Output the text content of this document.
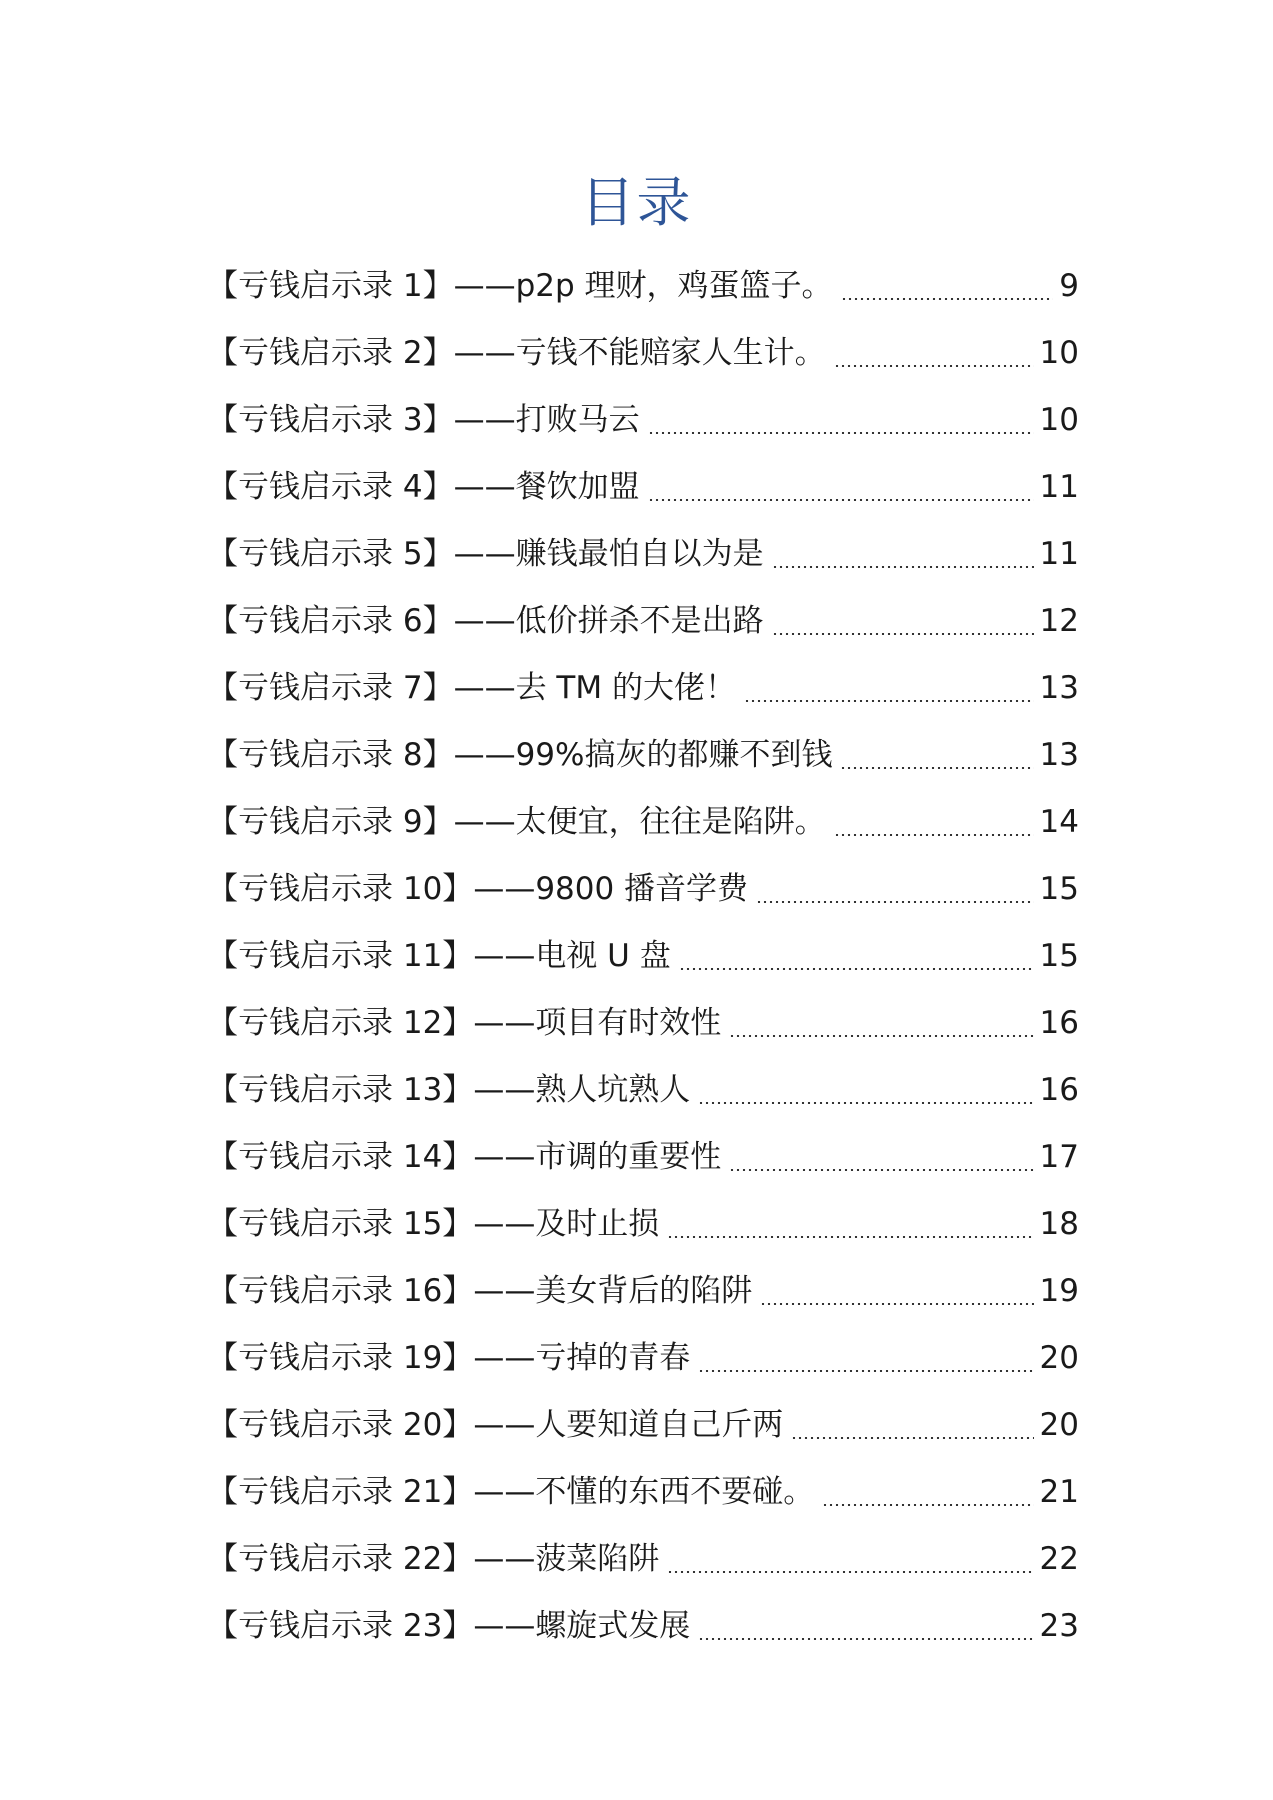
目录
【亏钱启示录 1】 ——p2p 理财，鸡蛋篮子。	9
【亏钱启示录 2】 ——亏钱不能赔家人生计。	10
【亏钱启示录 3】 ——打败马云	10
【亏钱启示录 4】 ——餐饮加盟	11
【亏钱启示录 5】 ——赚钱最怕自以为是	11
【亏钱启示录 6】 ——低价拼杀不是出路	12
【亏钱启示录 7】 ——去 TM 的大佬！	13
【亏钱启示录 8】 ——99%搞灰的都赚不到钱	13
【亏钱启示录 9】 ——太便宜，往往是陷阱。	14
【亏钱启示录 10】 ——9800 播音学费	15
【亏钱启示录 11】 ——电视 U 盘	15
【亏钱启示录 12】 ——项目有时效性	16
【亏钱启示录 13】 ——熟人坑熟人	16
【亏钱启示录 14】 ——市调的重要性	17
【亏钱启示录 15】 ——及时止损	18
【亏钱启示录 16】 ——美女背后的陷阱	19
【亏钱启示录 19】 ——亏掉的青春	20
【亏钱启示录 20】 ——人要知道自己斤两	20
【亏钱启示录 21】 ——不懂的东西不要碰。	21
【亏钱启示录 22】 ——菠菜陷阱	22
【亏钱启示录 23】 ——螺旋式发展	23
